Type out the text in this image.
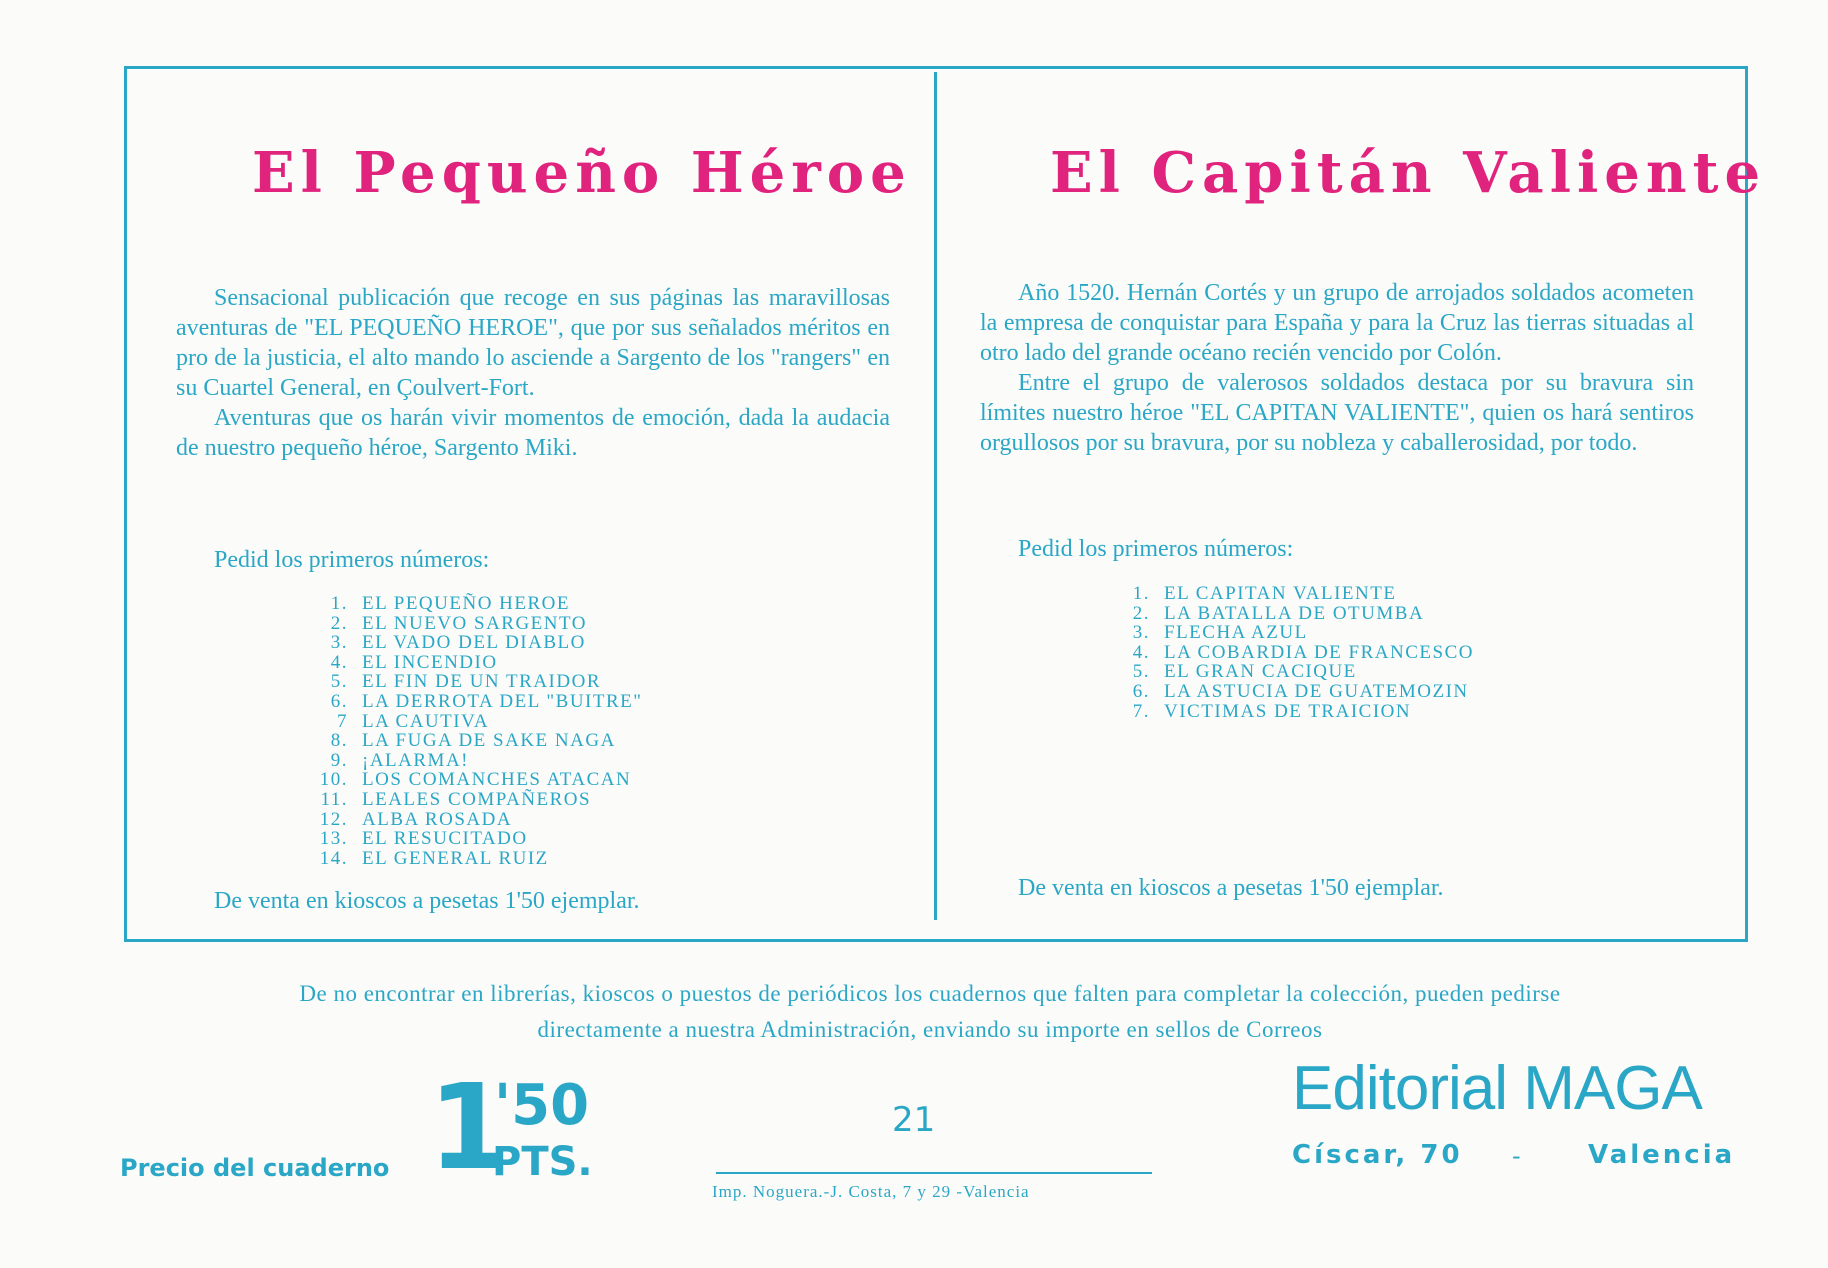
El Pequeño Héroe

Sensacional publicación que recoge en sus páginas las maravillosas aventuras de "EL PEQUEÑO HEROE", que por sus señalados méritos en pro de la justicia, el alto mando lo asciende a Sargento de los "rangers" en su Cuartel General, en Çoulvert-Fort.

Aventuras que os harán vivir momentos de emoción, dada la audacia de nuestro pequeño héroe, Sargento Miki.

Pedid los primeros números:

1. EL PEQUEÑO HEROE
2. EL NUEVO SARGENTO
3. EL VADO DEL DIABLO
4. EL INCENDIO
5. EL FIN DE UN TRAIDOR
6. LA DERROTA DEL "BUITRE"
7 LA CAUTIVA
8. LA FUGA DE SAKE NAGA
9. ¡ALARMA!
10. LOS COMANCHES ATACAN
11. LEALES COMPAÑEROS
12. ALBA ROSADA
13. EL RESUCITADO
14. EL GENERAL RUIZ

De venta en kioscos a pesetas 1'50 ejemplar.

El Capitán Valiente

Año 1520. Hernán Cortés y un grupo de arrojados soldados acometen la empresa de conquistar para España y para la Cruz las tierras situadas al otro lado del grande océano recién vencido por Colón.

Entre el grupo de valerosos soldados destaca por su bravura sin límites nuestro héroe "EL CAPITAN VALIENTE", quien os hará sentiros orgullosos por su bravura, por su nobleza y caballerosidad, por todo.

Pedid los primeros números:

1. EL CAPITAN VALIENTE
2. LA BATALLA DE OTUMBA
3. FLECHA AZUL
4. LA COBARDIA DE FRANCESCO
5. EL GRAN CACIQUE
6. LA ASTUCIA DE GUATEMOZIN
7. VICTIMAS DE TRAICION

De venta en kioscos a pesetas 1'50 ejemplar.

De no encontrar en librerías, kioscos o puestos de periódicos los cuadernos que falten para completar la colección, pueden pedirse
directamente a nuestra Administración, enviando su importe en sellos de Correos
Precio del cuaderno 1
'50
PTS.
21
Imp. Noguera.-J. Costa, 7 y 29 -Valencia
Editorial MAGA
Císcar, 70 -	Valencia
